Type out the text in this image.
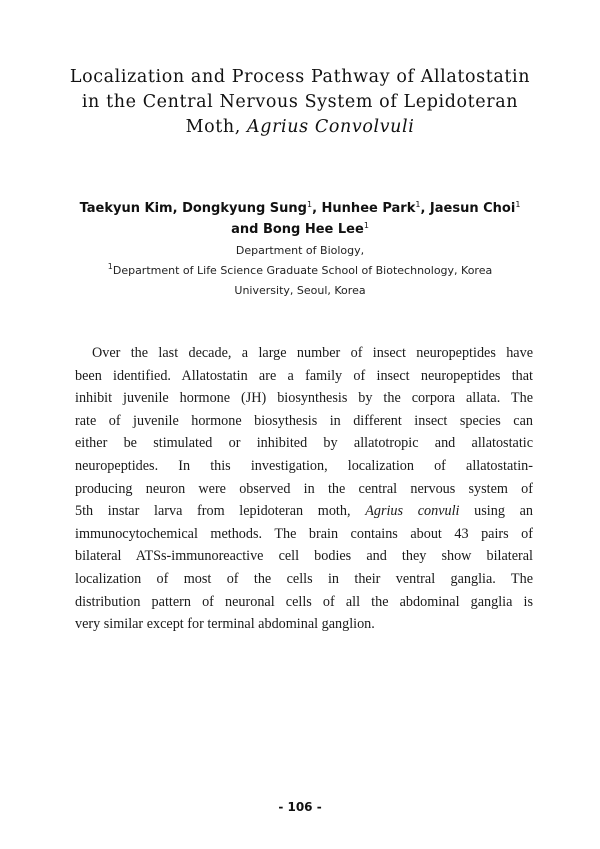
Localization and Process Pathway of Allatostatin
in the Central Nervous System of Lepidoteran
Moth, Agrius Convolvuli
Taekyun Kim, Dongkyung Sung$^1$, Hunhee Park$^1$, Jaesun Choi$^1$
and Bong Hee Lee$^1$
Department of Biology,
$^1$Department of Life Science Graduate School of Biotechnology, Korea
University, Seoul, Korea
Over the last decade, a large number of insect neuropeptides have
been identified. Allatostatin are a family of insect neuropeptides that
inhibit juvenile hormone (JH) biosynthesis by the corpora allata. The
rate of juvenile hormone biosythesis in different insect species can
either be stimulated or inhibited by allatotropic and allatostatic
neuropeptides. In this investigation, localization of allatostatin-
producing neuron were observed in the central nervous system of
5th instar larva from lepidoteran moth, Agrius convuli using an
immunocytochemical methods. The brain contains about 43 pairs of
bilateral ATSs-immunoreactive cell bodies and they show bilateral
localization of most of the cells in their ventral ganglia. The
distribution pattern of neuronal cells of all the abdominal ganglia is
very similar except for terminal abdominal ganglion.
- 106 -
